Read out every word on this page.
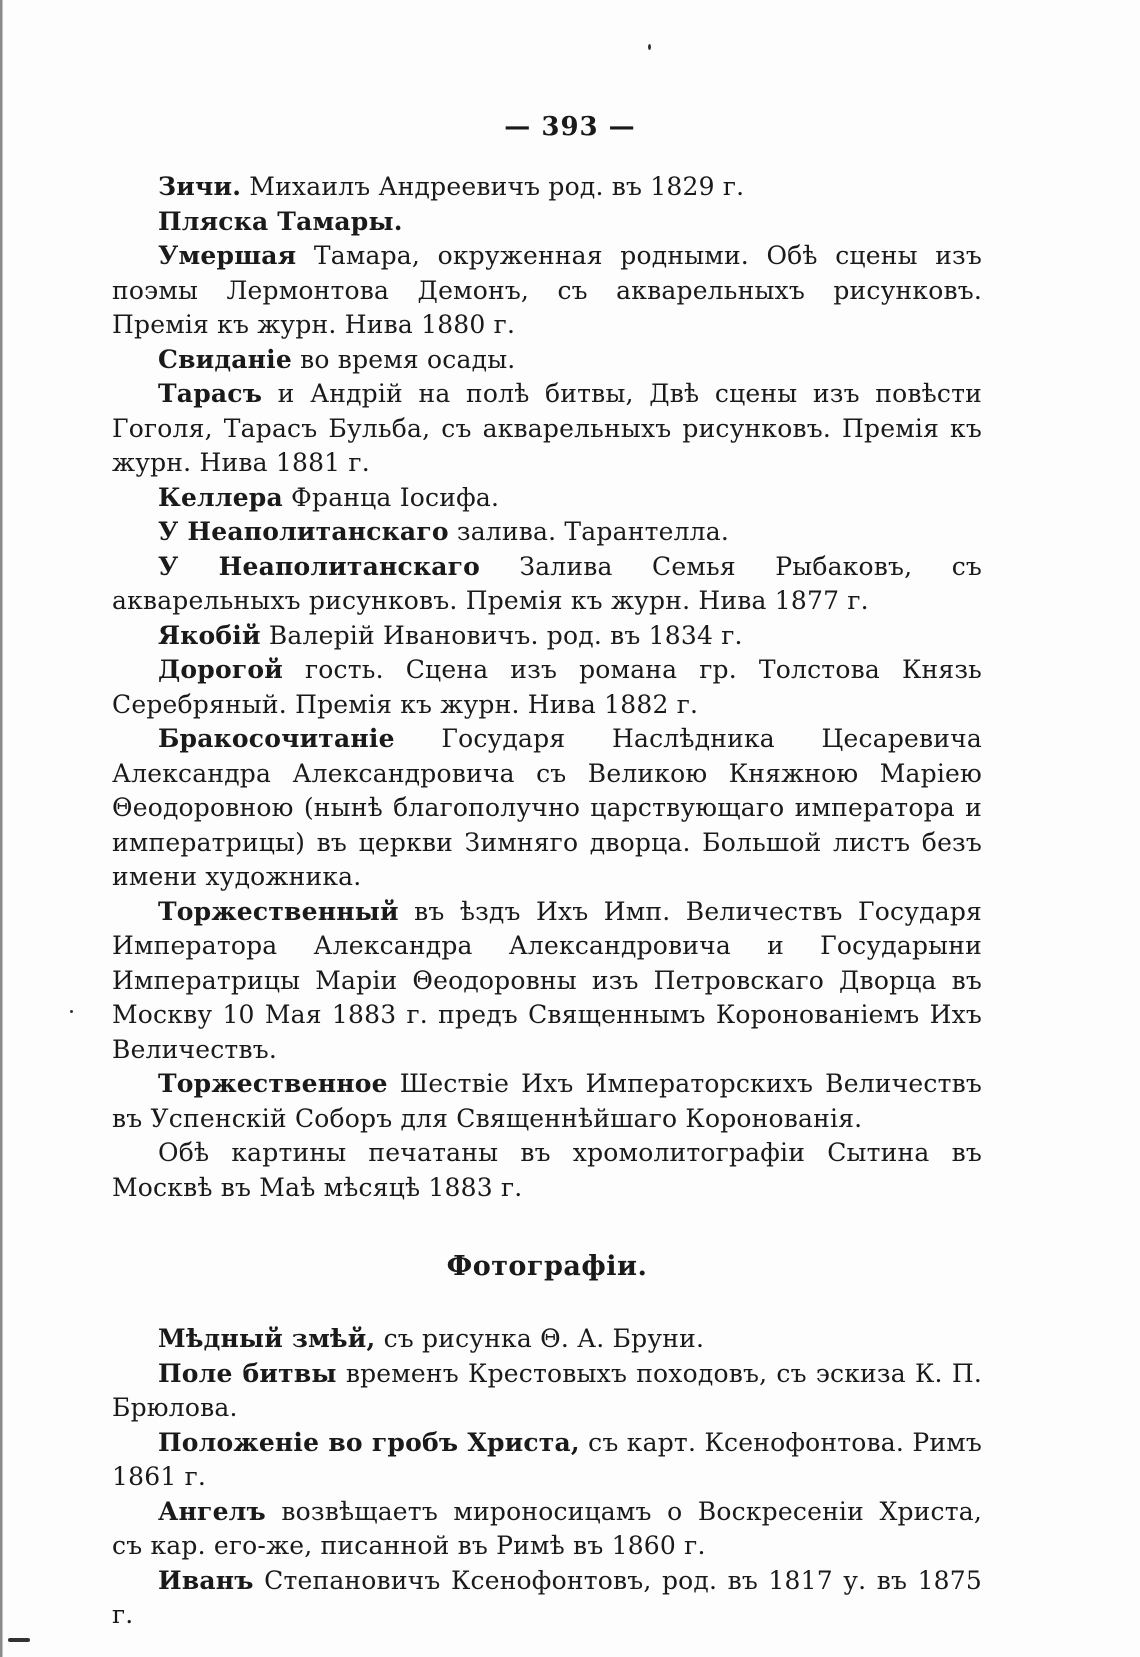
— 393 —

Зичи. Михаилъ Андреевичъ род. въ 1829 г.

Пляска Тамары.

Умершая Тамара, окруженная родными. Обѣ сцены изъ поэмы Лермонтова Демонъ, съ акварельныхъ рисунковъ. Премія къ журн. Нива 1880 г.

Свиданіе во время осады.

Тарасъ и Андрій на полѣ битвы, Двѣ сцены изъ повѣсти Гоголя, Тарасъ Бульба, съ акварельныхъ рисунковъ. Премія къ журн. Нива 1881 г.

Келлера Франца Іосифа.

У Неаполитанскаго залива. Тарантелла.

У Неаполитанскаго Залива Семья Рыбаковъ, съ акварельныхъ рисунковъ. Премія къ журн. Нива 1877 г.

Якобій Валерій Ивановичъ. род. въ 1834 г.

Дорогой гость. Сцена изъ романа гр. Толстова Князь Серебряный. Премія къ журн. Нива 1882 г.

Бракосочитаніе Государя Наслѣдника Цесаревича Александра Александровича съ Великою Княжною Маріею Θеодоровною (нынѣ благополучно царствующаго императора и императрицы) въ церкви Зимняго дворца. Большой листъ безъ имени художника.

Торжественный въ ѣздъ Ихъ Имп. Величествъ Государя Императора Александра Александровича и Государыни Императрицы Маріи Θеодоровны изъ Петровскаго Дворца въ Москву 10 Мая 1883 г. предъ Священнымъ Коронованіемъ Ихъ Величествъ.

Торжественное Шествіе Ихъ Императорскихъ Величествъ въ Успенскій Соборъ для Священнѣйшаго Коронованія.

Обѣ картины печатаны въ хромолитографіи Сытина въ Москвѣ въ Маѣ мѣсяцѣ 1883 г.

Фотографіи.

Мѣдный змѣй, съ рисунка Θ. А. Бруни.

Поле битвы временъ Крестовыхъ походовъ, съ эскиза К. П. Брюлова.

Положеніе во гробъ Христа, съ карт. Ксенофонтова. Римъ 1861 г.

Ангелъ возвѣщаетъ мироносицамъ о Воскресеніи Христа, съ кар. его-же, писанной въ Римѣ въ 1860 г.

Иванъ Степановичъ Ксенофонтовъ, род. въ 1817 у. въ 1875 г.
